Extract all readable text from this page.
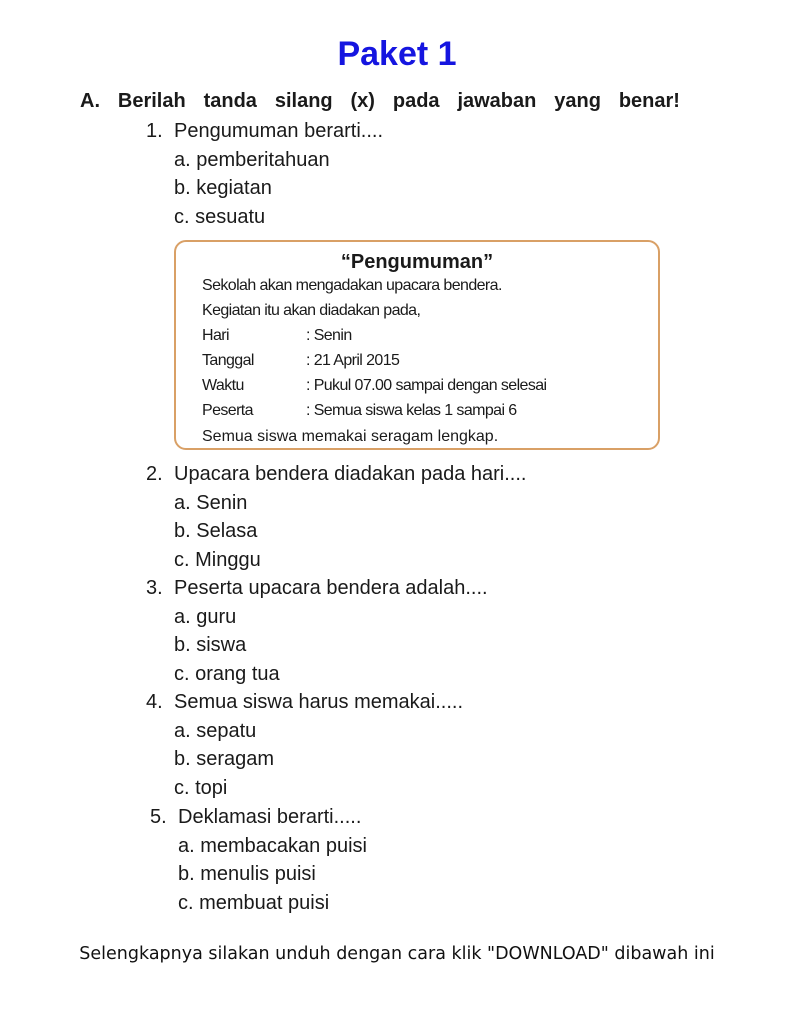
Paket 1
A. Berilah tanda silang (x) pada jawaban yang benar!
1. Pengumuman berarti....
a. pemberitahuan
b. kegiatan
c. sesuatu
“Pengumuman”
Sekolah akan mengadakan upacara bendera.
Kegiatan itu akan diadakan pada,
Hari	: Senin
Tanggal	: 21 April 2015
Waktu	: Pukul 07.00 sampai dengan selesai
Peserta	: Semua siswa kelas 1 sampai 6
Semua siswa memakai seragam lengkap.
2. Upacara bendera diadakan pada hari....
a. Senin
b. Selasa
c. Minggu
3. Peserta upacara bendera adalah....
a. guru
b. siswa
c. orang tua
4. Semua siswa harus memakai.....
a. sepatu
b. seragam
c. topi
5. Deklamasi berarti.....
a. membacakan puisi
b. menulis puisi
c. membuat puisi
Selengkapnya silakan unduh dengan cara klik "DOWNLOAD" dibawah ini
